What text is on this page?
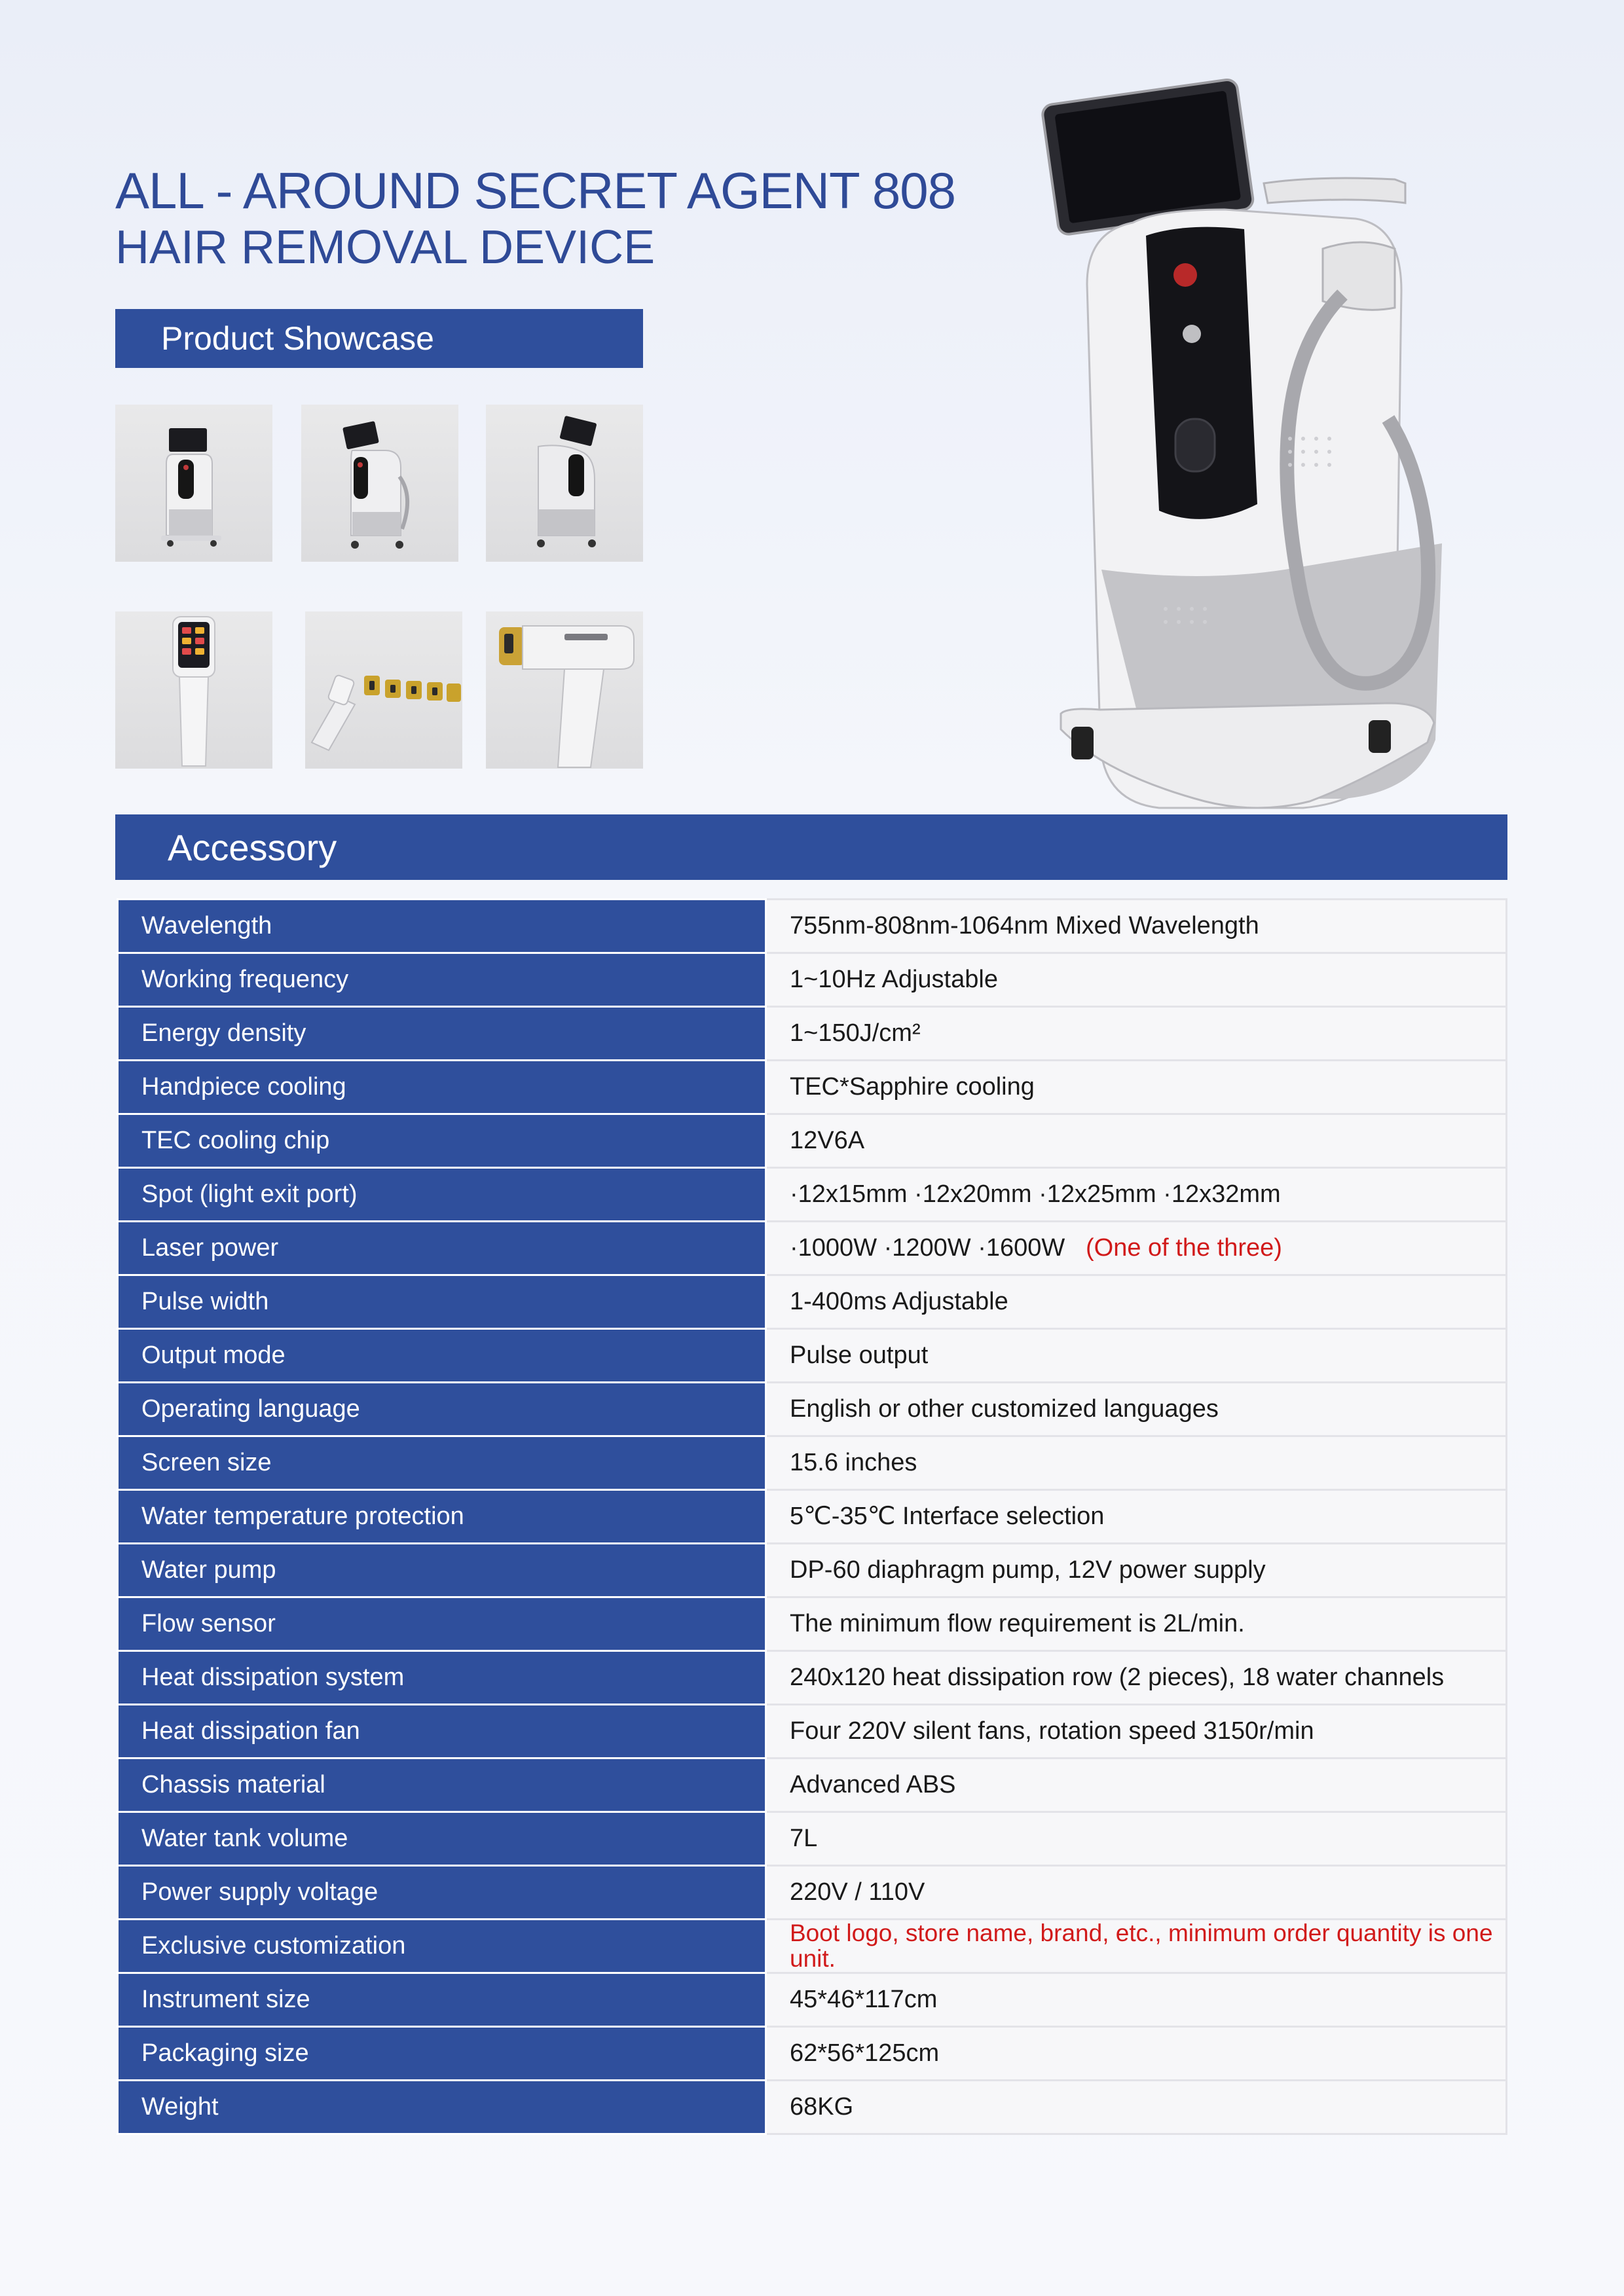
ALL - AROUND SECRET AGENT 808
HAIR REMOVAL DEVICE
Product Showcase
Accessory
Wavelength	755nm-808nm-1064nm Mixed Wavelength
Working frequency	1~10Hz Adjustable
Energy density	1~150J/cm²
Handpiece cooling	TEC*Sapphire cooling
TEC cooling chip	12V6A
Spot (light exit port)	·12x15mm ·12x20mm ·12x25mm ·12x32mm
Laser power	·1000W ·1200W ·1600W (One of the three)
Pulse width	1-400ms Adjustable
Output mode	Pulse output
Operating language	English or other customized languages
Screen size	15.6 inches
Water temperature protection	5℃-35℃ Interface selection
Water pump	DP-60 diaphragm pump, 12V power supply
Flow sensor	The minimum flow requirement is 2L/min.
Heat dissipation system	240x120 heat dissipation row (2 pieces), 18 water channels
Heat dissipation fan	Four 220V silent fans, rotation speed 3150r/min
Chassis material	Advanced ABS
Water tank volume	7L
Power supply voltage	220V / 110V
Exclusive customization	Boot logo, store name, brand, etc., minimum order quantity is one unit.
Instrument size	45*46*117cm
Packaging size	62*56*125cm
Weight	68KG
